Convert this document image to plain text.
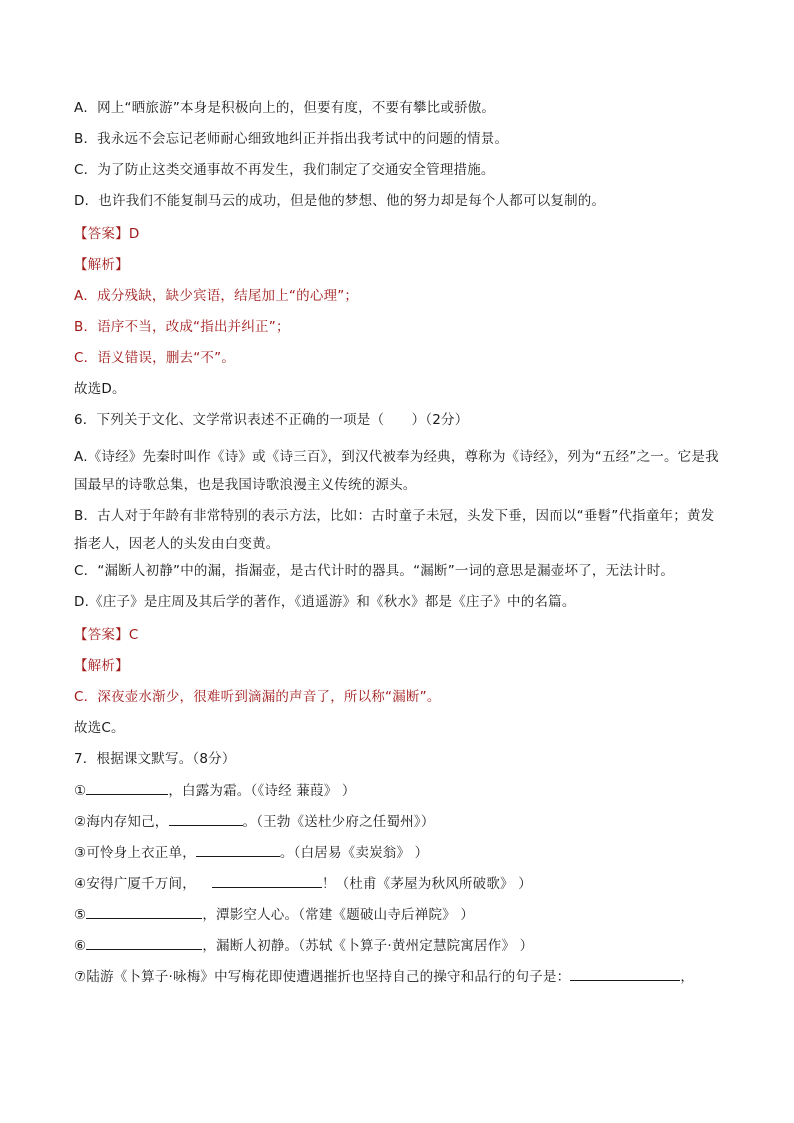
A．网上“晒旅游”本身是积极向上的，但要有度，不要有攀比或骄傲。
B．我永远不会忘记老师耐心细致地纠正并指出我考试中的问题的情景。
C．为了防止这类交通事故不再发生，我们制定了交通安全管理措施。
D．也许我们不能复制马云的成功，但是他的梦想、他的努力却是每个人都可以复制的。
【答案】D
【解析】
A．成分残缺，缺少宾语，结尾加上“的心理”；
B．语序不当，改成“指出并纠正”；
C．语义错误，删去“不”。
故选D。
6．下列关于文化、文学常识表述不正确的一项是（　　）（2分）
A.《诗经》先秦时叫作《诗》或《诗三百》，到汉代被奉为经典，尊称为《诗经》，列为“五经”之一。它是我国最早的诗歌总集，也是我国诗歌浪漫主义传统的源头。
B．古人对于年龄有非常特别的表示方法，比如：古时童子未冠，头发下垂，因而以“垂髫”代指童年；黄发指老人，因老人的头发由白变黄。
C．“漏断人初静”中的漏，指漏壶，是古代计时的器具。“漏断”一词的意思是漏壶坏了，无法计时。
D.《庄子》是庄周及其后学的著作，《逍遥游》和《秋水》都是《庄子》中的名篇。
【答案】C
【解析】
C．深夜壶水渐少，很难听到滴漏的声音了，所以称“漏断”。
故选C。
7．根据课文默写。（8分）
①	，白露为霜。（《诗经 蒹葭》 ）
②海内存知己，	。（王勃《送杜少府之任蜀州》）
③可怜身上衣正单，	。（白居易《卖炭翁》 ）
④安得广厦千万间，	！（杜甫《茅屋为秋风所破歌》 ）
⑤	，潭影空人心。（常建《题破山寺后禅院》 ）
⑥	，漏断人初静。（苏轼《卜算子·黄州定慧院寓居作》 ）
⑦陆游《卜算子·咏梅》中写梅花即使遭遇摧折也坚持自己的操守和品行的句子是：	，
